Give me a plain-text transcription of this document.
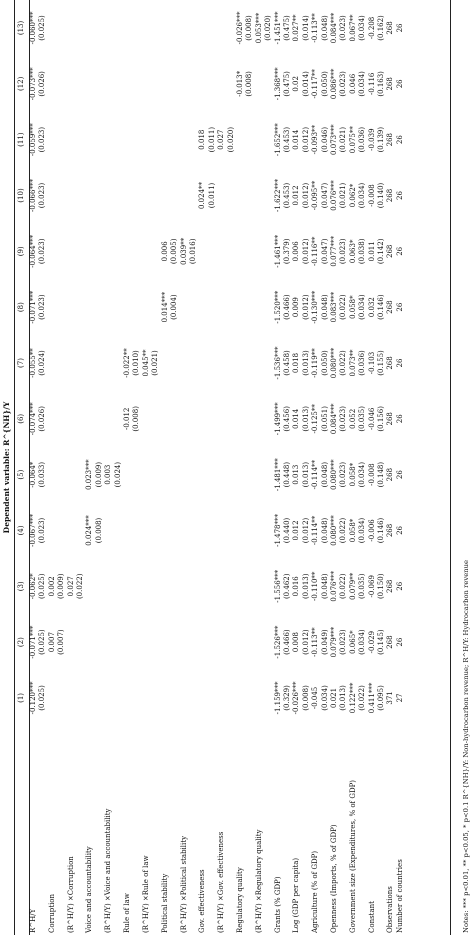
Dependent variable: R^{NH}/Y
	(1)	(2)	(3)	(4)	(5)	(6)	(7)	(8)	(9)	(10)	(11)	(12)	(13)
R^H/Y	-0.120***	-0.071***	-0.062*	-0.067***	-0.064*	-0.074***	-0.055**	-0.071***	-0.064***	-0.066***	-0.059***	-0.073***	-0.060***
	(0.025)	(0.025)	(0.025)	(0.023)	(0.033)	(0.026)	(0.024)	(0.023)	(0.023)	(0.023)	(0.023)	(0.026)	(0.025)
Corruption		0.007	0.002										
		(0.007)	(0.009)										
(R^H/Y) ×Corruption			0.027										
			(0.022)										
Voice and accountability				0.024***	0.023***								
				(0.008)	(0.009)								
(R^H/Y) ×Voice and accountability					0.003								
					(0.024)								
Rule of law						-0.012	-0.022**						
						(0.008)	(0.010)						
(R^H/Y) ×Rule of law							0.045**						
							(0.021)						
Political stability								0.014***	0.006				
								(0.004)	(0.005)				
(R^H/Y) ×Political stability									0.039**				
									(0.016)				
Gov. effectiveness										0.024**	0.018		
										(0.011)	(0.011)		
(R^H/Y) ×Gov. effectiveness											0.027		
											(0.020)		
Regulatory quality												-0.013*	-0.026***
												(0.008)	(0.008)
(R^H/Y) ×Regulatory quality													0.053***
													(0.020)
Grants (% GDP)	-1.159***	-1.526***	-1.556***	-1.478***	-1.481***	-1.499***	-1.536***	-1.520***	-1.461***	-1.622***	-1.652***	-1.368***	-1.451***
	(0.329)	(0.466)	(0.462)	(0.440)	(0.448)	(0.456)	(0.458)	(0.466)	(0.379)	(0.453)	(0.453)	(0.475)	(0.475)
Log (GDP per capita)	-0.026***	0.008	0.016	0.012	0.013	0.014	0.018	0.009	0.006	0.012	0.014	0.02	0.027**
	(0.008)	(0.012)	(0.013)	(0.012)	(0.013)	(0.013)	(0.013)	(0.012)	(0.012)	(0.012)	(0.012)	(0.014)	(0.014)
Agriculture (% of GDP)	-0.045	-0.113**	-0.110**	-0.114**	-0.114**	-0.125**	-0.119**	-0.130***	-0.116**	-0.095**	-0.093**	-0.117**	-0.113**
	(0.034)	(0.049)	(0.048)	(0.048)	(0.048)	(0.051)	(0.050)	(0.048)	(0.047)	(0.047)	(0.046)	(0.050)	(0.048)
Openness (Imports, % of GDP)	0.021	0.079***	0.076***	0.080***	0.080***	0.084***	0.080***	0.083***	0.077***	0.076***	0.073***	0.086***	0.084***
	(0.013)	(0.023)	(0.022)	(0.022)	(0.023)	(0.023)	(0.022)	(0.022)	(0.023)	(0.021)	(0.021)	(0.023)	(0.023)
Government size (Expenditures, % of GDP)	0.122***	0.065*	0.079**	0.058*	0.058*	0.052	0.073**	0.058*	0.063*	0.062*	0.075**	0.046	0.067**
	(0.022)	(0.034)	(0.035)	(0.034)	(0.034)	(0.035)	(0.036)	(0.034)	(0.038)	(0.034)	(0.036)	(0.034)	(0.034)
Constant	0.411***	-0.029	-0.069	-0.006	-0.008	-0.046	-0.103	0.032	0.011	-0.008	-0.039	-0.116	-0.208
	(0.095)	(0.145)	(0.150)	(0.146)	(0.148)	(0.156)	(0.155)	(0.146)	(0.142)	(0.140)	(0.139)	(0.163)	(0.162)
Observations	371	268	268	268	268	268	268	268	268	268	268	268	268
Number of countries	27	26	26	26	26	26	26	26	26	26	26	26	26
Notes: *** p<0.01, ** p<0.05, * p<0.1 R^{NH}/Y: Non-hydrocarbon revenue; R^H/Y: Hydrocarbon revenue
